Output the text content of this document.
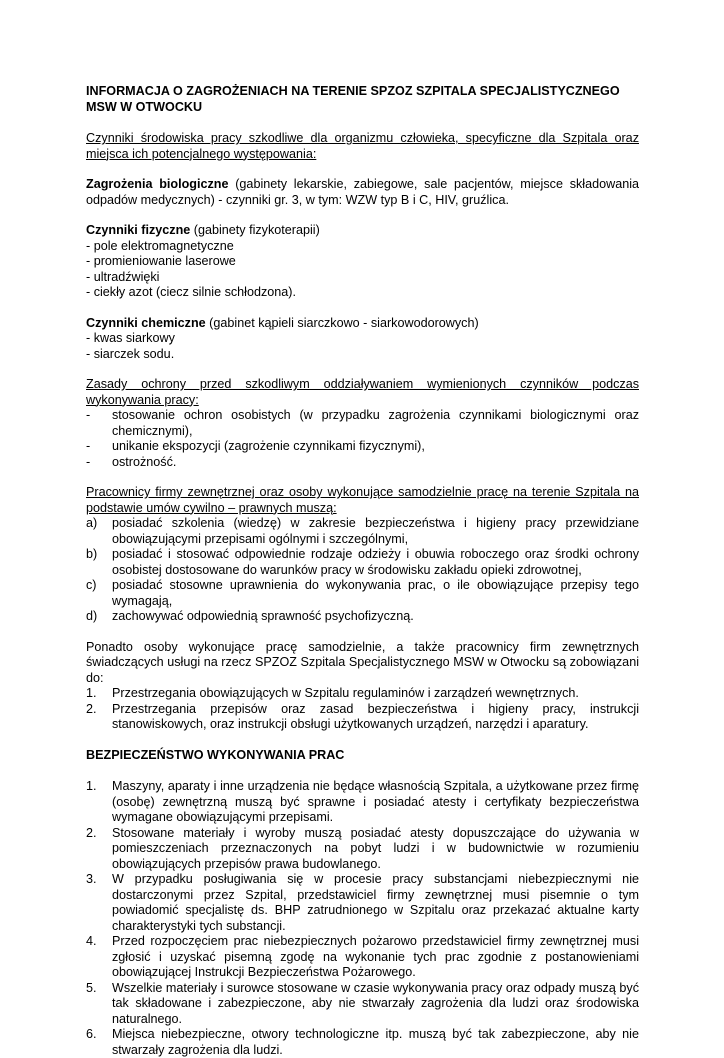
INFORMACJA O ZAGROŻENIACH NA TERENIE SPZOZ SZPITALA SPECJALISTYCZNEGO MSW W OTWOCKU

Czynniki środowiska pracy szkodliwe dla organizmu człowieka, specyficzne dla Szpitala oraz miejsca ich potencjalnego występowania:

Zagrożenia biologiczne (gabinety lekarskie, zabiegowe, sale pacjentów, miejsce składowania odpadów medycznych) - czynniki gr. 3, w tym: WZW typ B i C, HIV, gruźlica.

Czynniki fizyczne (gabinety fizykoterapii)

- pole elektromagnetyczne

- promieniowanie laserowe

- ultradźwięki

- ciekły azot (ciecz silnie schłodzona).

Czynniki chemiczne (gabinet kąpieli siarczkowo - siarkowodorowych)

- kwas siarkowy

- siarczek sodu.

Zasady ochrony przed szkodliwym oddziaływaniem wymienionych czynników podczas wykonywania pracy:

- stosowanie ochron osobistych (w przypadku zagrożenia czynnikami biologicznymi oraz chemicznymi),
- unikanie ekspozycji (zagrożenie czynnikami fizycznymi),
- ostrożność.

Pracownicy firmy zewnętrznej oraz osoby wykonujące samodzielnie pracę na terenie Szpitala na podstawie umów cywilno – prawnych muszą:

a) posiadać szkolenia (wiedzę) w zakresie bezpieczeństwa i higieny pracy przewidziane obowiązującymi przepisami ogólnymi i szczególnymi,
b) posiadać i stosować odpowiednie rodzaje odzieży i obuwia roboczego oraz środki ochrony osobistej dostosowane do warunków pracy w środowisku zakładu opieki zdrowotnej,
c) posiadać stosowne uprawnienia do wykonywania prac, o ile obowiązujące przepisy tego wymagają,
d) zachowywać odpowiednią sprawność psychofizyczną.

Ponadto osoby wykonujące pracę samodzielnie, a także pracownicy firm zewnętrznych świadczących usługi na rzecz SPZOZ Szpitala Specjalistycznego MSW w Otwocku są zobowiązani do:

1. Przestrzegania obowiązujących w Szpitalu regulaminów i zarządzeń wewnętrznych.
2. Przestrzegania przepisów oraz zasad bezpieczeństwa i higieny pracy, instrukcji stanowiskowych, oraz instrukcji obsługi użytkowanych urządzeń, narzędzi i aparatury.

BEZPIECZEŃSTWO WYKONYWANIA PRAC

1. Maszyny, aparaty i inne urządzenia nie będące własnością Szpitala, a użytkowane przez firmę (osobę) zewnętrzną muszą być sprawne i posiadać atesty i certyfikaty bezpieczeństwa wymagane obowiązującymi przepisami.
2. Stosowane materiały i wyroby muszą posiadać atesty dopuszczające do używania w pomieszczeniach przeznaczonych na pobyt ludzi i w budownictwie w rozumieniu obowiązujących przepisów prawa budowlanego.
3. W przypadku posługiwania się w procesie pracy substancjami niebezpiecznymi nie dostarczonymi przez Szpital, przedstawiciel firmy zewnętrznej musi pisemnie o tym powiadomić specjalistę ds. BHP zatrudnionego w Szpitalu oraz przekazać aktualne karty charakterystyki tych substancji.
4. Przed rozpoczęciem prac niebezpiecznych pożarowo przedstawiciel firmy zewnętrznej musi zgłosić i uzyskać pisemną zgodę na wykonanie tych prac zgodnie z postanowieniami obowiązującej Instrukcji Bezpieczeństwa Pożarowego.
5. Wszelkie materiały i surowce stosowane w czasie wykonywania pracy oraz odpady muszą być tak składowane i zabezpieczone, aby nie stwarzały zagrożenia dla ludzi oraz środowiska naturalnego.
6. Miejsca niebezpieczne, otwory technologiczne itp. muszą być tak zabezpieczone, aby nie stwarzały zagrożenia dla ludzi.
